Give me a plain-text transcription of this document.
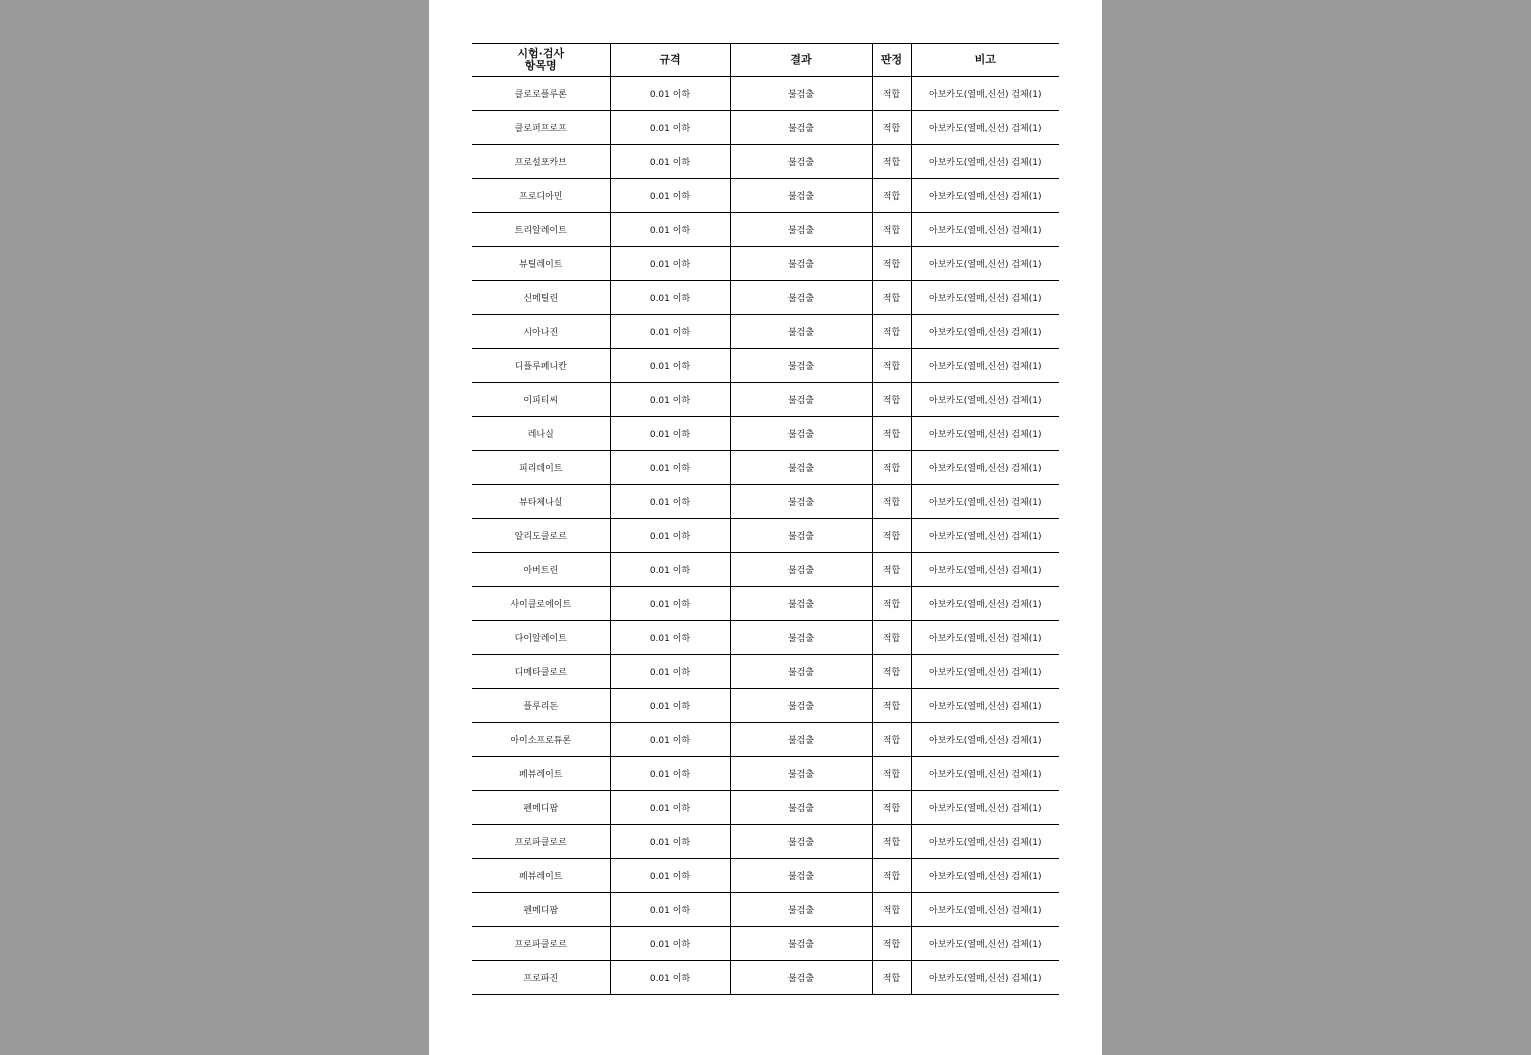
시험·검사
항목명	규격	결과	판정	비고
클로로플루론	0.01 이하	불검출	적합	아보카도(열매,신선) 검체(1)
클로퍼프로프	0.01 이하	불검출	적합	아보카도(열매,신선) 검체(1)
프로설포카브	0.01 이하	불검출	적합	아보카도(열매,신선) 검체(1)
프로디아민	0.01 이하	불검출	적합	아보카도(열매,신선) 검체(1)
트리알레이트	0.01 이하	불검출	적합	아보카도(열매,신선) 검체(1)
뷰틸레이트	0.01 이하	불검출	적합	아보카도(열매,신선) 검체(1)
신메틸린	0.01 이하	불검출	적합	아보카도(열매,신선) 검체(1)
시아나진	0.01 이하	불검출	적합	아보카도(열매,신선) 검체(1)
디플루페니칸	0.01 이하	불검출	적합	아보카도(열매,신선) 검체(1)
이피티씨	0.01 이하	불검출	적합	아보카도(열매,신선) 검체(1)
레나실	0.01 이하	불검출	적합	아보카도(열매,신선) 검체(1)
피리데이트	0.01 이하	불검출	적합	아보카도(열매,신선) 검체(1)
뷰타체나실	0.01 이하	불검출	적합	아보카도(열매,신선) 검체(1)
알리도클로르	0.01 이하	불검출	적합	아보카도(열매,신선) 검체(1)
아버트린	0.01 이하	불검출	적합	아보카도(열매,신선) 검체(1)
사이클로에이트	0.01 이하	불검출	적합	아보카도(열매,신선) 검체(1)
다이알레이트	0.01 이하	불검출	적합	아보카도(열매,신선) 검체(1)
디메타클로르	0.01 이하	불검출	적합	아보카도(열매,신선) 검체(1)
플루리돈	0.01 이하	불검출	적합	아보카도(열매,신선) 검체(1)
아이소프로튜론	0.01 이하	불검출	적합	아보카도(열매,신선) 검체(1)
페뷰레이트	0.01 이하	불검출	적합	아보카도(열매,신선) 검체(1)
펜메디팜	0.01 이하	불검출	적합	아보카도(열매,신선) 검체(1)
프로파클로르	0.01 이하	불검출	적합	아보카도(열매,신선) 검체(1)
페뷰레이트	0.01 이하	불검출	적합	아보카도(열매,신선) 검체(1)
펜메디팜	0.01 이하	불검출	적합	아보카도(열매,신선) 검체(1)
프로파클로르	0.01 이하	불검출	적합	아보카도(열매,신선) 검체(1)
프로파진	0.01 이하	불검출	적합	아보카도(열매,신선) 검체(1)
